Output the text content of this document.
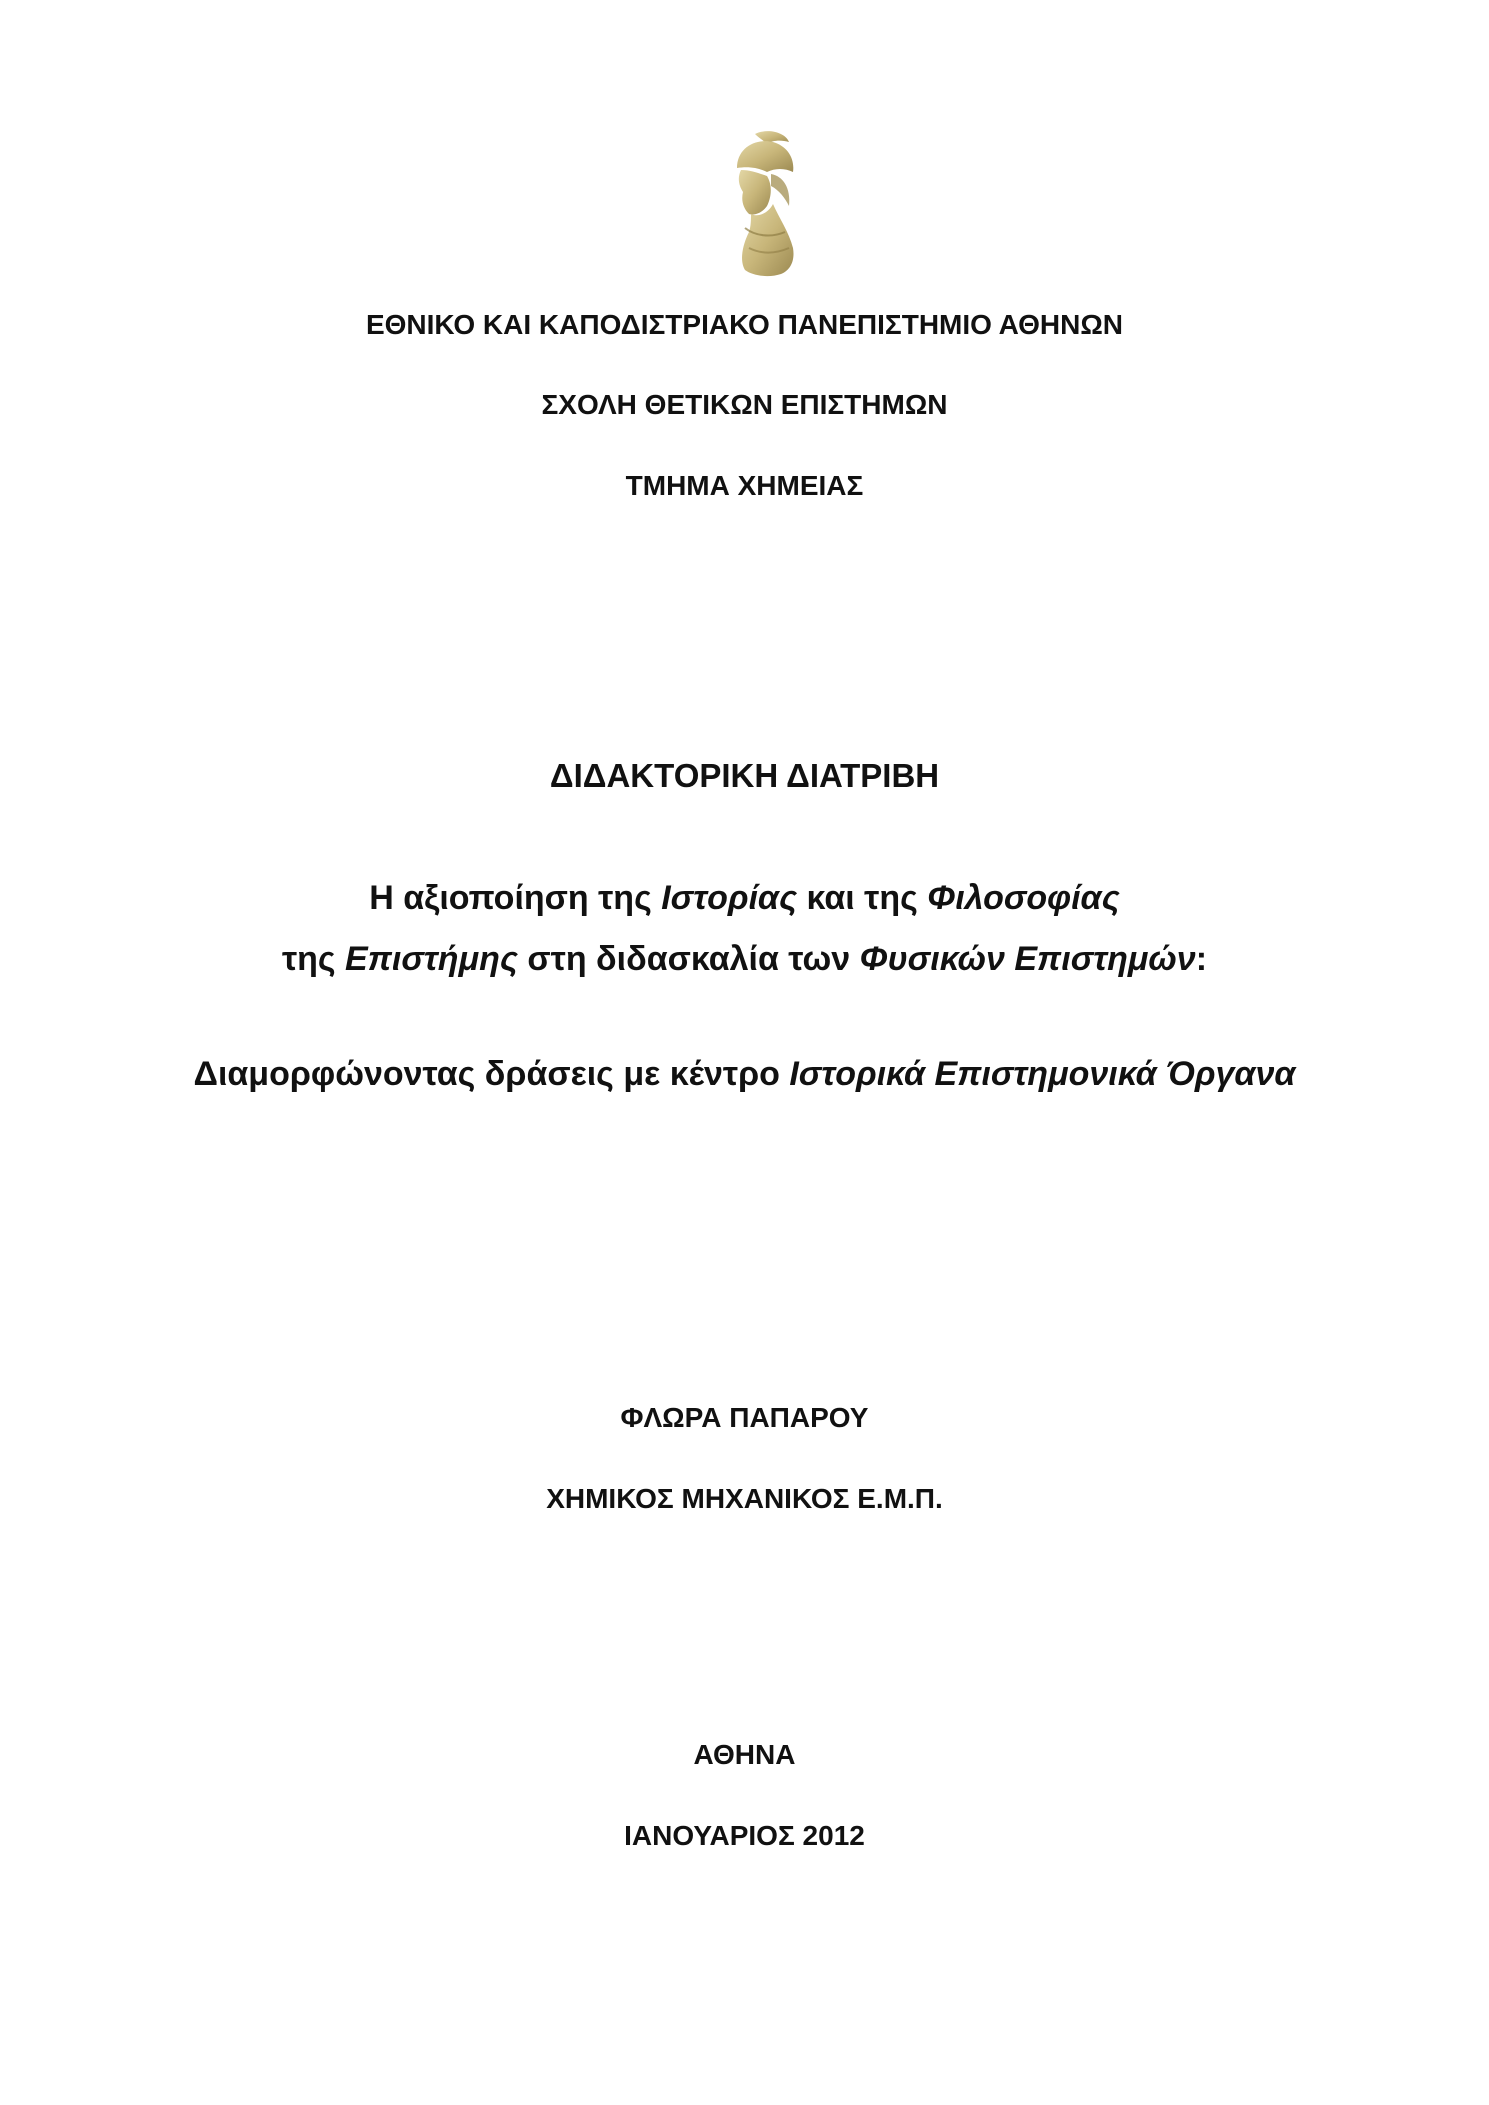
ΕΘΝΙΚΟ ΚΑΙ ΚΑΠΟΔΙΣΤΡΙΑΚΟ ΠΑΝΕΠΙΣΤΗΜΙΟ ΑΘΗΝΩΝ
ΣΧΟΛΗ ΘΕΤΙΚΩΝ ΕΠΙΣΤΗΜΩΝ
ΤΜΗΜΑ ΧΗΜΕΙΑΣ
ΔΙΔΑΚΤΟΡΙΚΗ ΔΙΑΤΡΙΒΗ
Η αξιοποίηση της Ιστορίας και της Φιλοσοφίας
της Επιστήμης στη διδασκαλία των Φυσικών Επιστημών:
Διαμορφώνοντας δράσεις με κέντρο Ιστορικά Επιστημονικά Όργανα
ΦΛΩΡΑ ΠΑΠΑΡΟΥ
ΧΗΜΙΚΟΣ ΜΗΧΑΝΙΚΟΣ Ε.Μ.Π.
ΑΘΗΝΑ
ΙΑΝΟΥΑΡΙΟΣ 2012
